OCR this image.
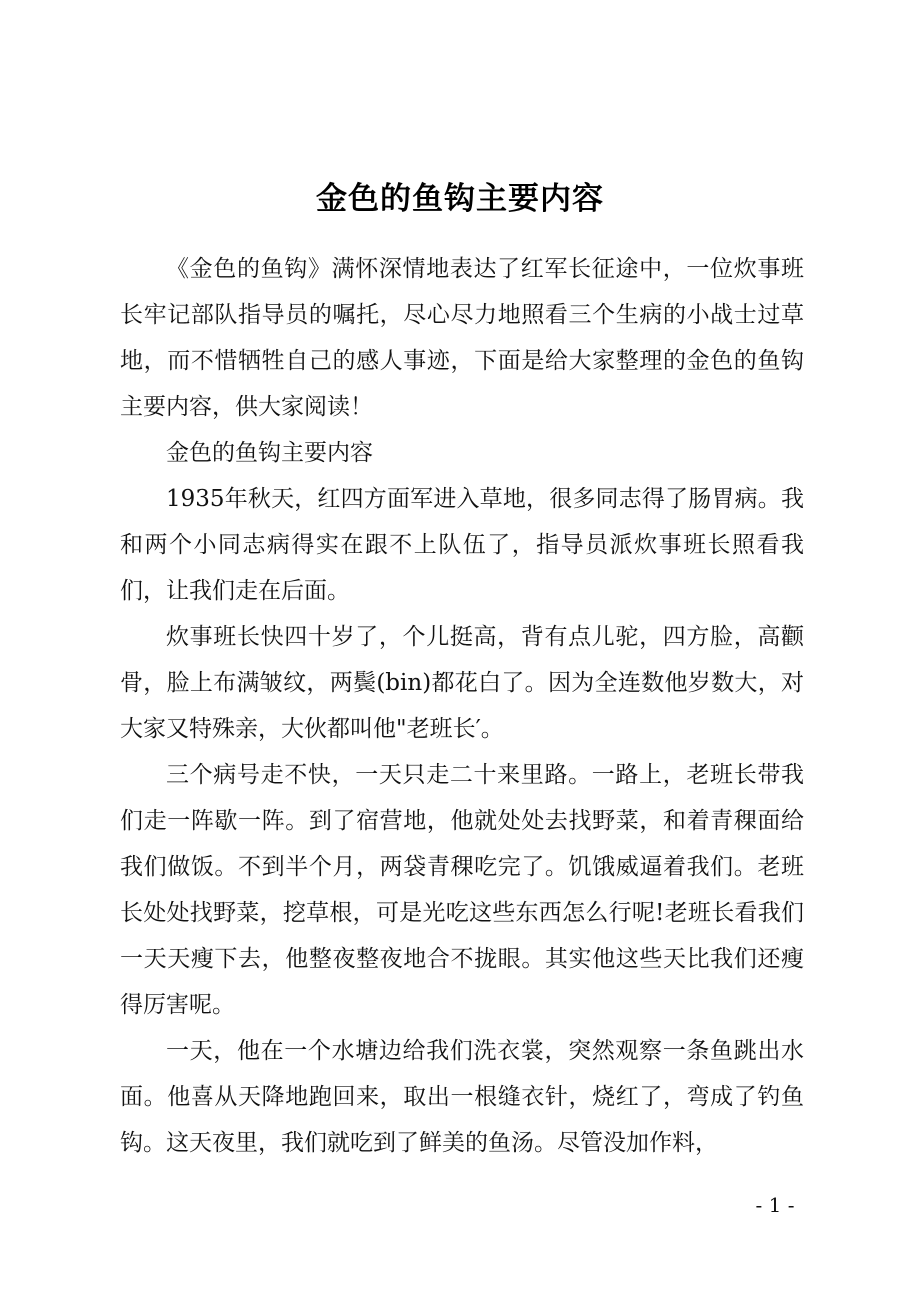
金色的鱼钩主要内容

《金色的鱼钩》满怀深情地表达了红军长征途中，一位炊事班长牢记部队指导员的嘱托，尽心尽力地照看三个生病的小战士过草地，而不惜牺牲自己的感人事迹，下面是给大家整理的金色的鱼钩主要内容，供大家阅读！

金色的鱼钩主要内容

1935年秋天，红四方面军进入草地，很多同志得了肠胃病。我和两个小同志病得实在跟不上队伍了，指导员派炊事班长照看我们，让我们走在后面。

炊事班长快四十岁了，个儿挺高，背有点儿驼，四方脸，高颧骨，脸上布满皱纹，两鬓(bin)都花白了。因为全连数他岁数大，对大家又特殊亲，大伙都叫他"老班长′。

三个病号走不快，一天只走二十来里路。一路上，老班长带我们走一阵歇一阵。到了宿营地，他就处处去找野菜，和着青稞面给我们做饭。不到半个月，两袋青稞吃完了。饥饿威逼着我们。老班长处处找野菜，挖草根，可是光吃这些东西怎么行呢!老班长看我们一天天瘦下去，他整夜整夜地合不拢眼。其实他这些天比我们还瘦得厉害呢。

一天，他在一个水塘边给我们洗衣裳，突然观察一条鱼跳出水面。他喜从天降地跑回来，取出一根缝衣针，烧红了，弯成了钓鱼钩。这天夜里，我们就吃到了鲜美的鱼汤。尽管没加作料，

- 1 -
